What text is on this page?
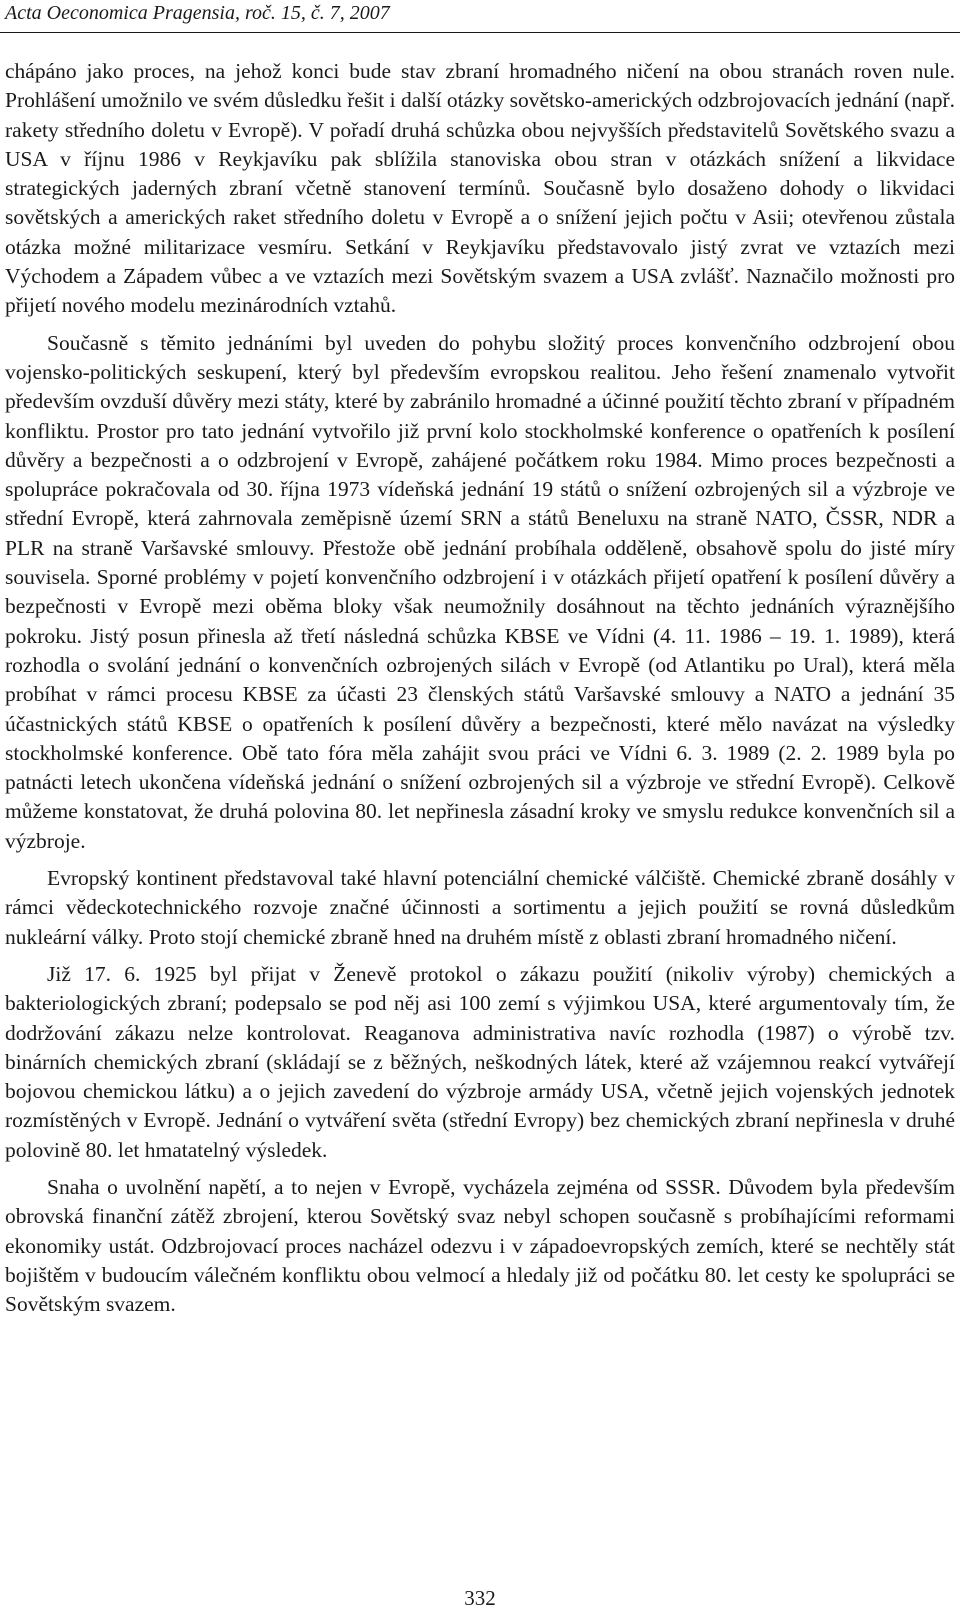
Acta Oeconomica Pragensia, roč. 15, č. 7, 2007

chápáno jako proces, na jehož konci bude stav zbraní hromadného ničení na obou stranách roven nule. Prohlášení umožnilo ve svém důsledku řešit i další otázky sovětsko-amerických odzbrojovacích jednání (např. rakety středního doletu v Evropě). V pořadí druhá schůzka obou nejvyšších představitelů Sovětského svazu a USA v říjnu 1986 v Reykjavíku pak sblížila stanoviska obou stran v otázkách snížení a likvidace strategických jaderných zbraní včetně stanovení termínů. Současně bylo dosaženo dohody o likvidaci sovětských a amerických raket středního doletu v Evropě a o snížení jejich počtu v Asii; otevřenou zůstala otázka možné militarizace vesmíru. Setkání v Reykjavíku představovalo jistý zvrat ve vztazích mezi Východem a Západem vůbec a ve vztazích mezi Sovětským svazem a USA zvlášť. Naznačilo možnosti pro přijetí nového modelu mezinárodních vztahů.

Současně s těmito jednáními byl uveden do pohybu složitý proces konvenčního odzbrojení obou vojensko-politických seskupení, který byl především evropskou realitou. Jeho řešení znamenalo vytvořit především ovzduší důvěry mezi státy, které by zabránilo hromadné a účinné použití těchto zbraní v případném konfliktu. Prostor pro tato jednání vytvořilo již první kolo stockholmské konference o opatřeních k posílení důvěry a bezpečnosti a o odzbrojení v Evropě, zahájené počátkem roku 1984. Mimo proces bezpečnosti a spolupráce pokračovala od 30. října 1973 vídeňská jednání 19 států o snížení ozbrojených sil a výzbroje ve střední Evropě, která zahrnovala zeměpisně území SRN a států Beneluxu na straně NATO, ČSSR, NDR a PLR na straně Varšavské smlouvy. Přestože obě jednání probíhala odděleně, obsahově spolu do jisté míry souvisela. Sporné problémy v pojetí konvenčního odzbrojení i v otázkách přijetí opatření k posílení důvěry a bezpečnosti v Evropě mezi oběma bloky však neumožnily dosáhnout na těchto jednáních výraznějšího pokroku. Jistý posun přinesla až třetí následná schůzka KBSE ve Vídni (4. 11. 1986 – 19. 1. 1989), která rozhodla o svolání jednání o konvenčních ozbrojených silách v Evropě (od Atlantiku po Ural), která měla probíhat v rámci procesu KBSE za účasti 23 členských států Varšavské smlouvy a NATO a jednání 35 účastnických států KBSE o opatřeních k posílení důvěry a bezpečnosti, které mělo navázat na výsledky stockholmské konference. Obě tato fóra měla zahájit svou práci ve Vídni 6. 3. 1989 (2. 2. 1989 byla po patnácti letech ukončena vídeňská jednání o snížení ozbrojených sil a výzbroje ve střední Evropě). Celkově můžeme konstatovat, že druhá polovina 80. let nepřinesla zásadní kroky ve smyslu redukce konvenčních sil a výzbroje.

Evropský kontinent představoval také hlavní potenciální chemické válčiště. Chemické zbraně dosáhly v rámci vědeckotechnického rozvoje značné účinnosti a sortimentu a jejich použití se rovná důsledkům nukleární války. Proto stojí chemické zbraně hned na druhém místě z oblasti zbraní hromadného ničení.

Již 17. 6. 1925 byl přijat v Ženevě protokol o zákazu použití (nikoliv výroby) chemických a bakteriologických zbraní; podepsalo se pod něj asi 100 zemí s výjimkou USA, které argumentovaly tím, že dodržování zákazu nelze kontrolovat. Reaganova administrativa navíc rozhodla (1987) o výrobě tzv. binárních chemických zbraní (skládají se z běžných, neškodných látek, které až vzájemnou reakcí vytvářejí bojovou chemickou látku) a o jejich zavedení do výzbroje armády USA, včetně jejich vojenských jednotek rozmístěných v Evropě. Jednání o vytváření světa (střední Evropy) bez chemických zbraní nepřinesla v druhé polovině 80. let hmatatelný výsledek.

Snaha o uvolnění napětí, a to nejen v Evropě, vycházela zejména od SSSR. Důvodem byla především obrovská finanční zátěž zbrojení, kterou Sovětský svaz nebyl schopen současně s probíhajícími reformami ekonomiky ustát. Odzbrojovací proces nacházel odezvu i v západoevropských zemích, které se nechtěly stát bojištěm v budoucím válečném konfliktu obou velmocí a hledaly již od počátku 80. let cesty ke spolupráci se Sovětským svazem.

332
